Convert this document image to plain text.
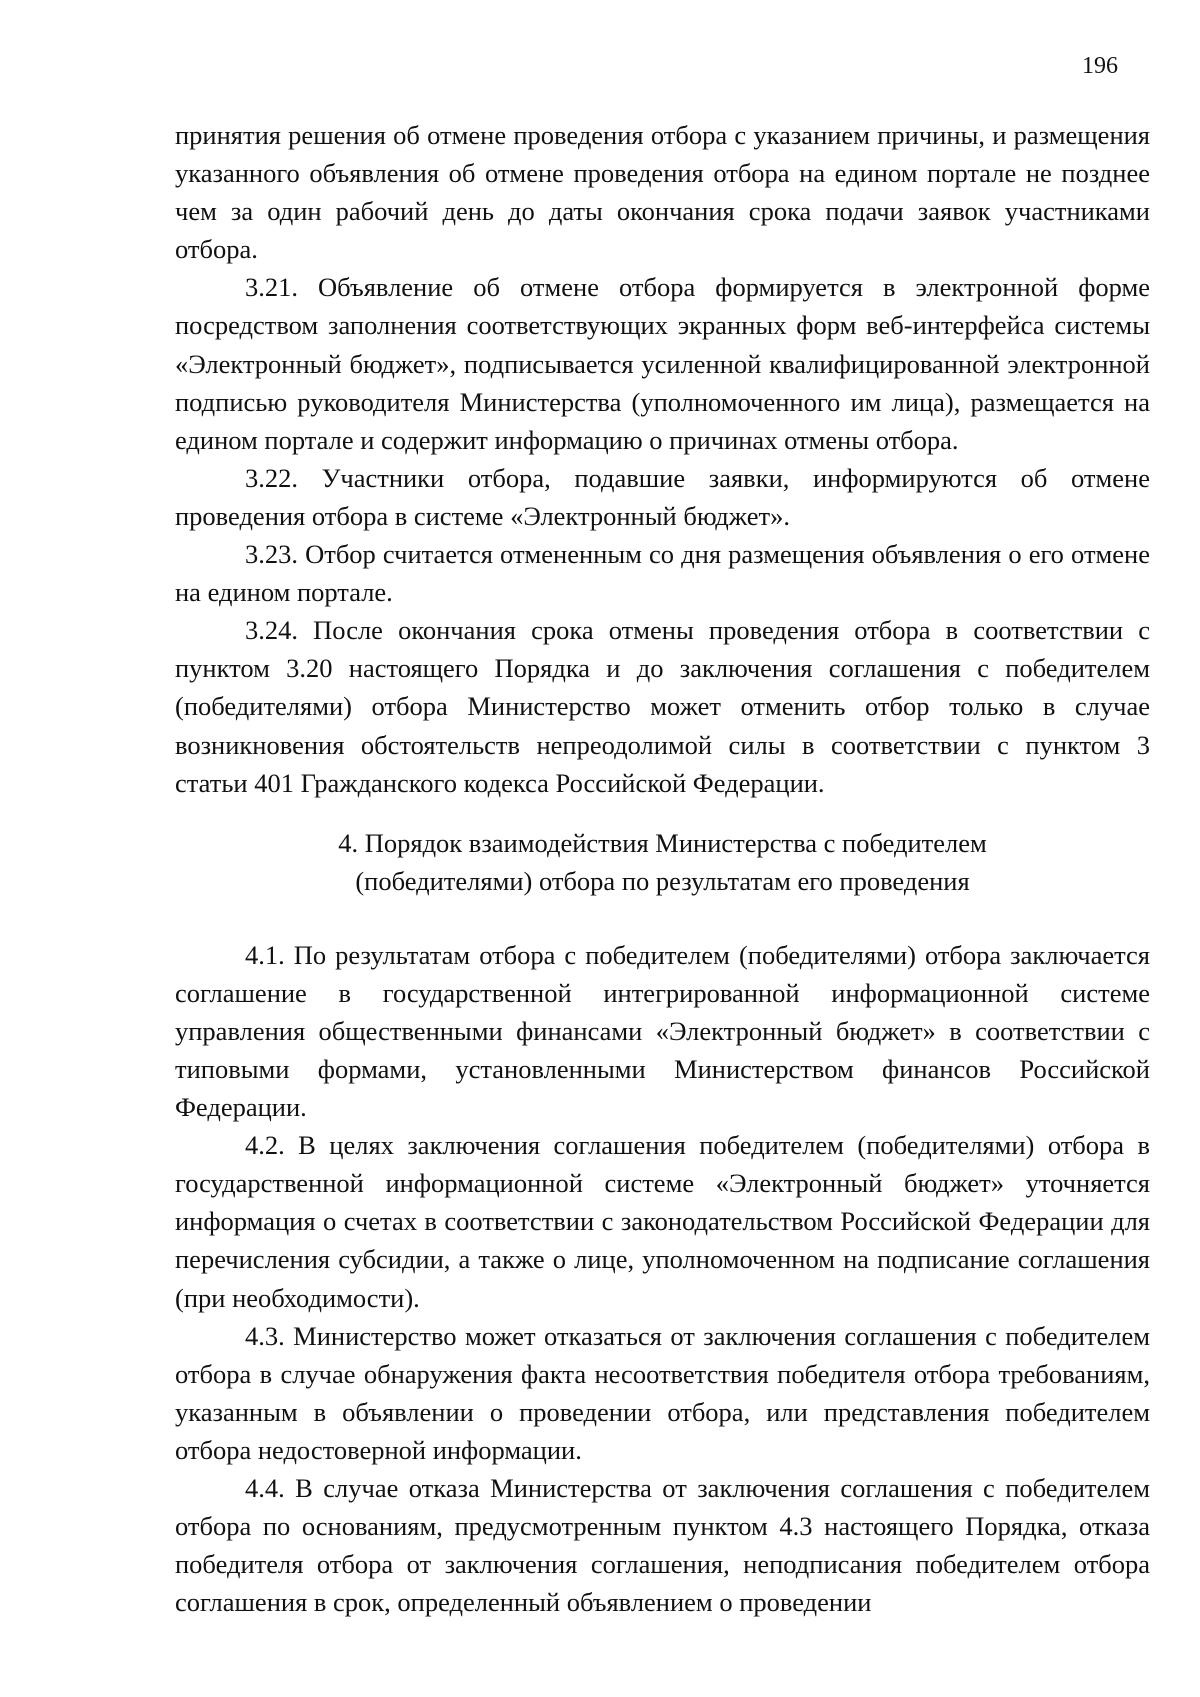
196

принятия решения об отмене проведения отбора с указанием причины, и размещения указанного объявления об отмене проведения отбора на едином портале не позднее чем за один рабочий день до даты окончания срока подачи заявок участниками отбора.

3.21. Объявление об отмене отбора формируется в электронной форме посредством заполнения соответствующих экранных форм веб-интерфейса системы «Электронный бюджет», подписывается усиленной квалифицированной электронной подписью руководителя Министерства (уполномоченного им лица), размещается на едином портале и содержит информацию о причинах отмены отбора.

3.22. Участники отбора, подавшие заявки, информируются об отмене проведения отбора в системе «Электронный бюджет».

3.23. Отбор считается отмененным со дня размещения объявления о его отмене на едином портале.

3.24. После окончания срока отмены проведения отбора в соответствии с пунктом 3.20 настоящего Порядка и до заключения соглашения с победителем (победителями) отбора Министерство может отменить отбор только в случае возникновения обстоятельств непреодолимой силы в соответствии с пунктом 3 статьи 401 Гражданского кодекса Российской Федерации.

4. Порядок взаимодействия Министерства с победителем
(победителями) отбора по результатам его проведения

4.1. По результатам отбора с победителем (победителями) отбора заключается соглашение в государственной интегрированной информационной системе управления общественными финансами «Электронный бюджет» в соответствии с типовыми формами, установленными Министерством финансов Российской Федерации.

4.2. В целях заключения соглашения победителем (победителями) отбора в государственной информационной системе «Электронный бюджет» уточняется информация о счетах в соответствии с законодательством Российской Федерации для перечисления субсидии, а также о лице, уполномоченном на подписание соглашения (при необходимости).

4.3. Министерство может отказаться от заключения соглашения с победителем отбора в случае обнаружения факта несоответствия победителя отбора требованиям, указанным в объявлении о проведении отбора, или представления победителем отбора недостоверной информации.

4.4. В случае отказа Министерства от заключения соглашения с победителем отбора по основаниям, предусмотренным пунктом 4.3 настоящего Порядка, отказа победителя отбора от заключения соглашения, неподписания победителем отбора соглашения в срок, определенный объявлением о проведении
